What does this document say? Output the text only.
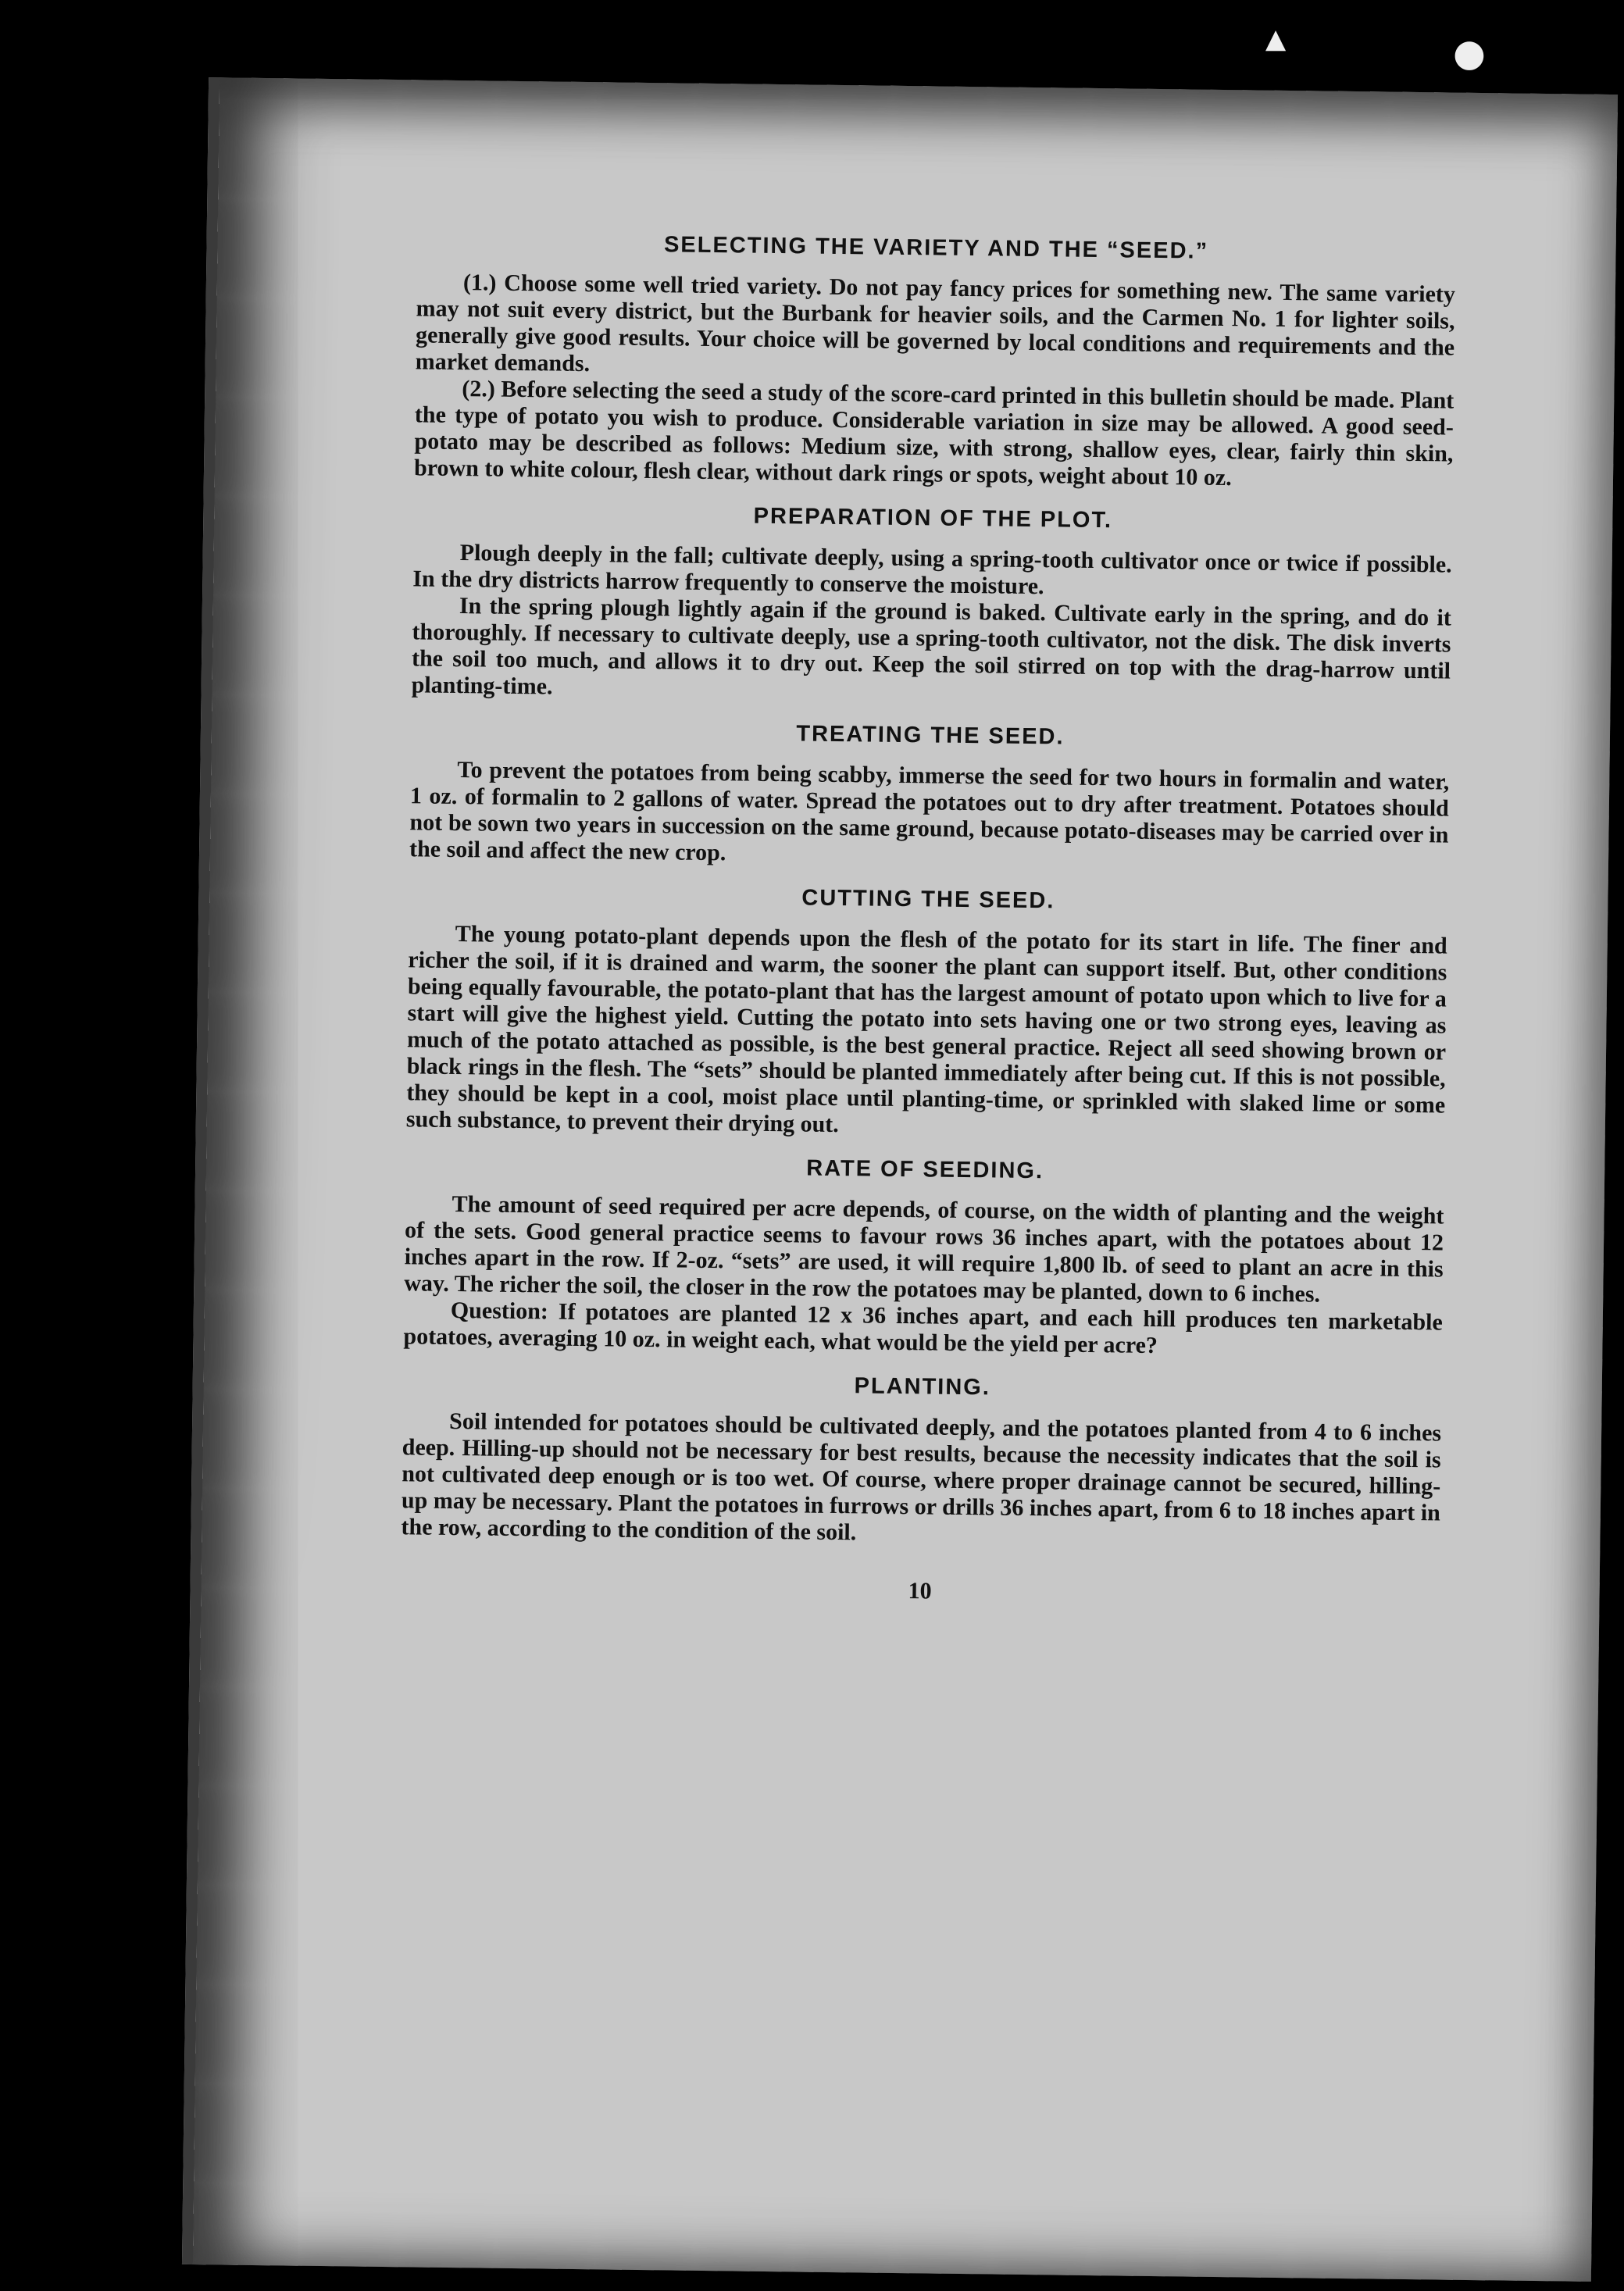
SELECTING THE VARIETY AND THE “SEED.”

(1.) Choose some well tried variety. Do not pay fancy prices for something new. The same variety may not suit every district, but the Burbank for heavier soils, and the Carmen No. 1 for lighter soils, generally give good results. Your choice will be governed by local conditions and requirements and the market demands.

(2.) Before selecting the seed a study of the score-card printed in this bulletin should be made. Plant the type of potato you wish to produce. Considerable variation in size may be allowed. A good seed-potato may be described as follows: Medium size, with strong, shallow eyes, clear, fairly thin skin, brown to white colour, flesh clear, without dark rings or spots, weight about 10 oz.

PREPARATION OF THE PLOT.

Plough deeply in the fall; cultivate deeply, using a spring-tooth cultivator once or twice if possible. In the dry districts harrow frequently to conserve the moisture.

In the spring plough lightly again if the ground is baked. Cultivate early in the spring, and do it thoroughly. If necessary to cultivate deeply, use a spring-tooth cultivator, not the disk. The disk inverts the soil too much, and allows it to dry out. Keep the soil stirred on top with the drag-harrow until planting-time.

TREATING THE SEED.

To prevent the potatoes from being scabby, immerse the seed for two hours in formalin and water, 1 oz. of formalin to 2 gallons of water. Spread the potatoes out to dry after treatment. Potatoes should not be sown two years in succession on the same ground, because potato-diseases may be carried over in the soil and affect the new crop.

CUTTING THE SEED.

The young potato-plant depends upon the flesh of the potato for its start in life. The finer and richer the soil, if it is drained and warm, the sooner the plant can support itself. But, other conditions being equally favourable, the potato-plant that has the largest amount of potato upon which to live for a start will give the highest yield. Cutting the potato into sets having one or two strong eyes, leaving as much of the potato attached as possible, is the best general practice. Reject all seed showing brown or black rings in the flesh. The “sets” should be planted immediately after being cut. If this is not possible, they should be kept in a cool, moist place until planting-time, or sprinkled with slaked lime or some such substance, to prevent their drying out.

RATE OF SEEDING.

The amount of seed required per acre depends, of course, on the width of planting and the weight of the sets. Good general practice seems to favour rows 36 inches apart, with the potatoes about 12 inches apart in the row. If 2-oz. “sets” are used, it will require 1,800 lb. of seed to plant an acre in this way. The richer the soil, the closer in the row the potatoes may be planted, down to 6 inches.

Question: If potatoes are planted 12 x 36 inches apart, and each hill produces ten marketable potatoes, averaging 10 oz. in weight each, what would be the yield per acre?

PLANTING.

Soil intended for potatoes should be cultivated deeply, and the potatoes planted from 4 to 6 inches deep. Hilling-up should not be necessary for best results, because the necessity indicates that the soil is not cultivated deep enough or is too wet. Of course, where proper drainage cannot be secured, hilling-up may be necessary. Plant the potatoes in furrows or drills 36 inches apart, from 6 to 18 inches apart in the row, according to the condition of the soil.

10
▲	●
